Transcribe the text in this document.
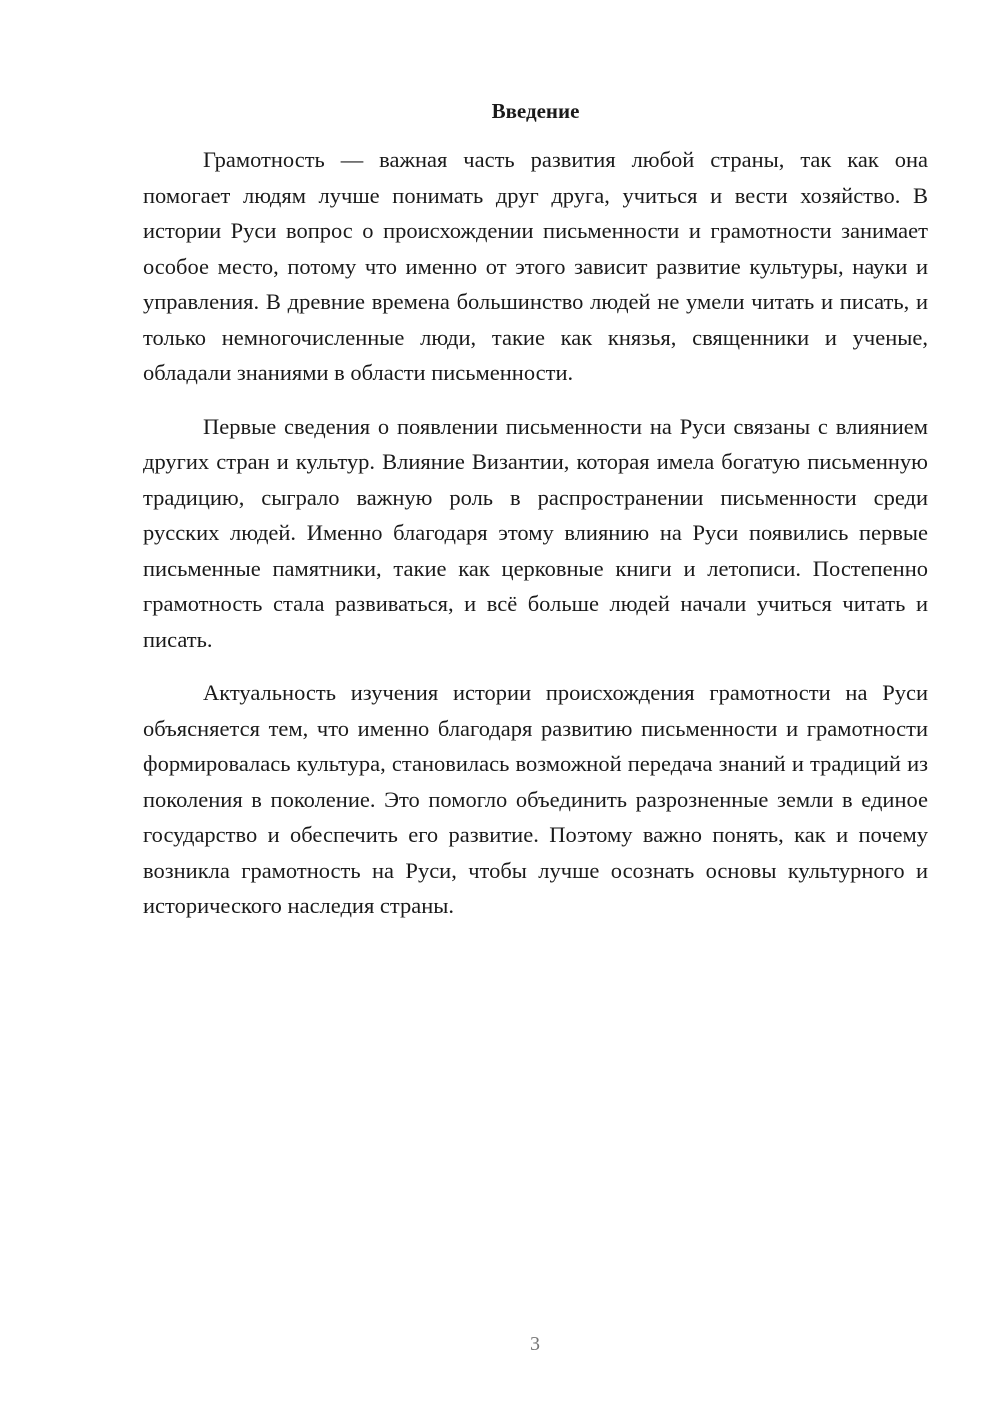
Введение

Грамотность — важная часть развития любой страны, так как она помогает людям лучше понимать друг друга, учиться и вести хозяйство. В истории Руси вопрос о происхождении письменности и грамотности занимает особое место, потому что именно от этого зависит развитие культуры, науки и управления. В древние времена большинство людей не умели читать и писать, и только немногочисленные люди, такие как князья, священники и ученые, обладали знаниями в области письменности.

Первые сведения о появлении письменности на Руси связаны с влиянием других стран и культур. Влияние Византии, которая имела богатую письменную традицию, сыграло важную роль в распространении письменности среди русских людей. Именно благодаря этому влиянию на Руси появились первые письменные памятники, такие как церковные книги и летописи. Постепенно грамотность стала развиваться, и всё больше людей начали учиться читать и писать.

Актуальность изучения истории происхождения грамотности на Руси объясняется тем, что именно благодаря развитию письменности и грамотности формировалась культура, становилась возможной передача знаний и традиций из поколения в поколение. Это помогло объединить разрозненные земли в единое государство и обеспечить его развитие. Поэтому важно понять, как и почему возникла грамотность на Руси, чтобы лучше осознать основы культурного и исторического наследия страны.

3
